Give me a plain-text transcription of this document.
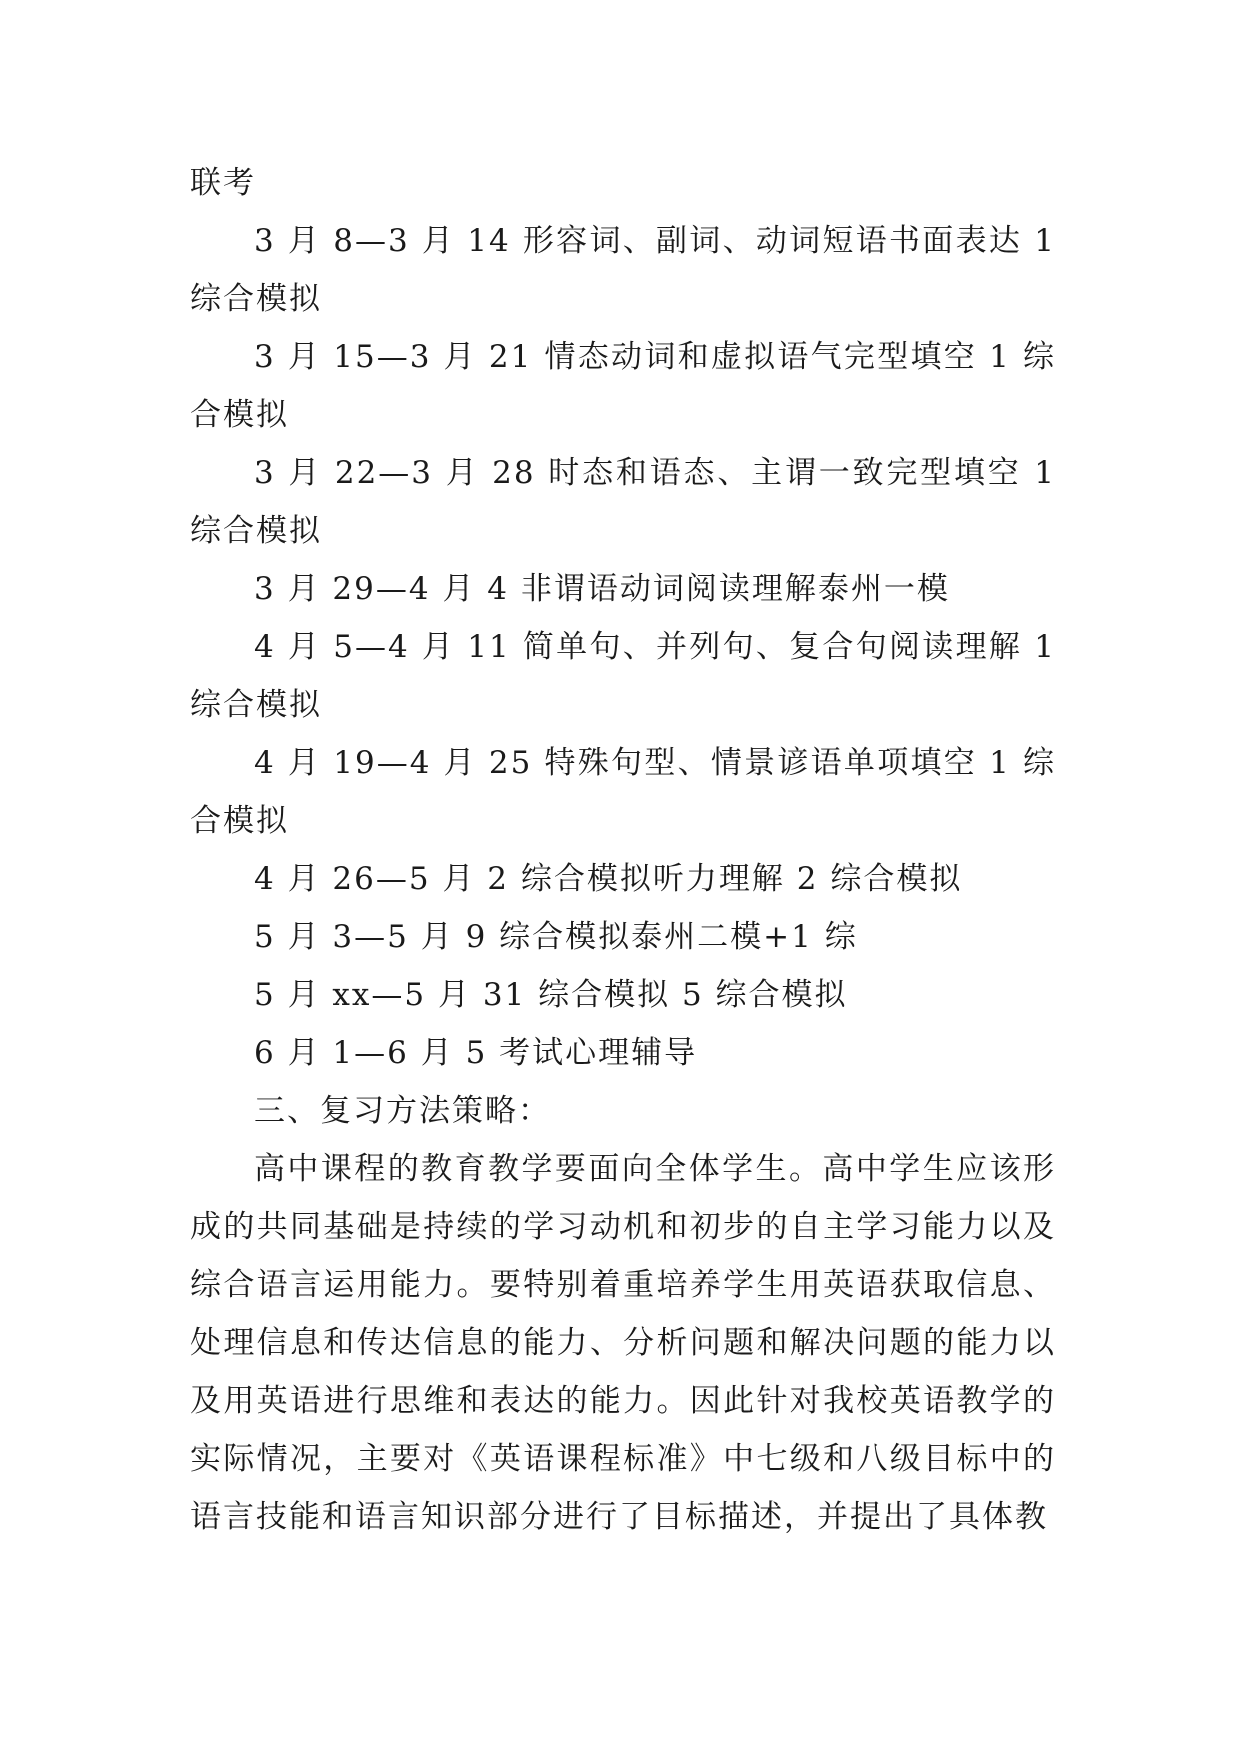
联考

3 月 8—3 月 14 形容词、副词、动词短语书面表达 1 综合模拟

3 月 15—3 月 21 情态动词和虚拟语气完型填空 1 综合模拟

3 月 22—3 月 28 时态和语态、主谓一致完型填空 1 综合模拟

3 月 29—4 月 4 非谓语动词阅读理解泰州一模

4 月 5—4 月 11 简单句、并列句、复合句阅读理解 1 综合模拟

4 月 19—4 月 25 特殊句型、情景谚语单项填空 1 综合模拟

4 月 26—5 月 2 综合模拟听力理解 2 综合模拟

5 月 3—5 月 9 综合模拟泰州二模+1 综

5 月 xx—5 月 31 综合模拟 5 综合模拟

6 月 1—6 月 5 考试心理辅导

三、复习方法策略：

高中课程的教育教学要面向全体学生。高中学生应该形成的共同基础是持续的学习动机和初步的自主学习能力以及综合语言运用能力。要特别着重培养学生用英语获取信息、处理信息和传达信息的能力、分析问题和解决问题的能力以及用英语进行思维和表达的能力。因此针对我校英语教学的实际情况，主要对《英语课程标准》中七级和八级目标中的语言技能和语言知识部分进行了目标描述，并提出了具体教
